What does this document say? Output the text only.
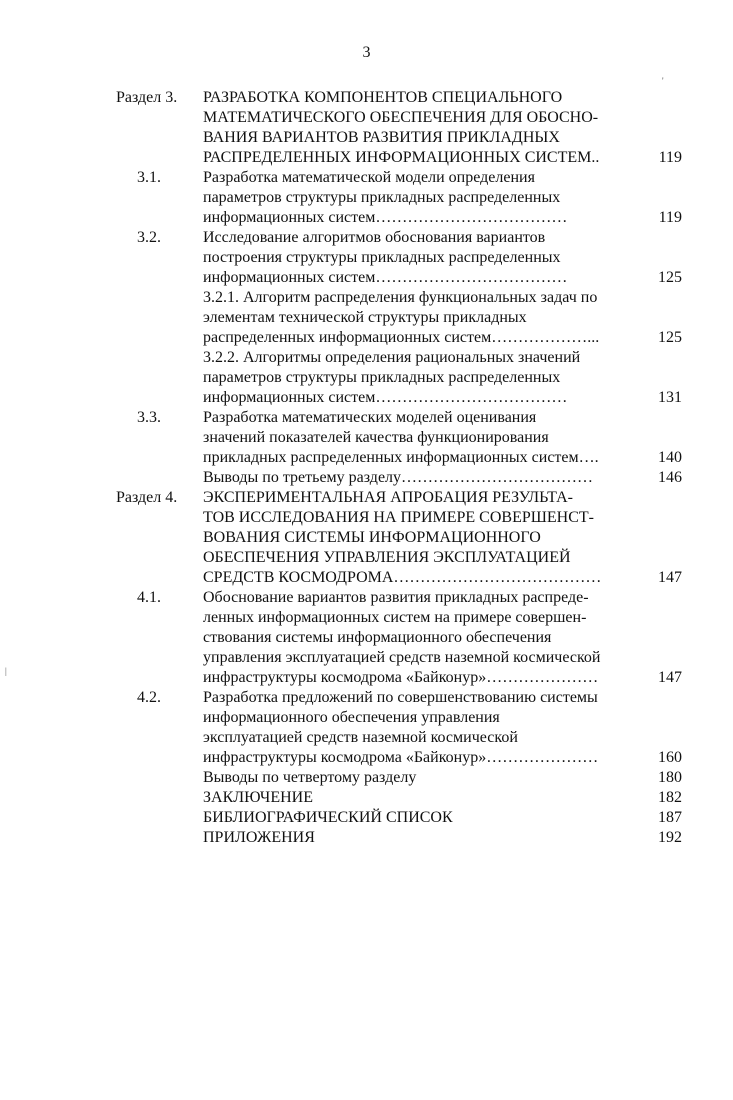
3
Раздел 3. РАЗРАБОТКА КОМПОНЕНТОВ СПЕЦИАЛЬНОГО
МАТЕМАТИЧЕСКОГО ОБЕСПЕЧЕНИЯ ДЛЯ ОБОСНО-
ВАНИЯ ВАРИАНТОВ РАЗВИТИЯ ПРИКЛАДНЫХ
РАСПРЕДЕЛЕННЫХ ИНФОРМАЦИОННЫХ СИСТЕМ..	119
3.1.	Разработка математической модели определения
параметров структуры прикладных распределенных
информационных систем………………………………	119
3.2.	Исследование алгоритмов обоснования вариантов
построения структуры прикладных распределенных
информационных систем………………………………	125
3.2.1. Алгоритм распределения функциональных задач по
элементам технической структуры прикладных
распределенных информационных систем………………...	125
3.2.2. Алгоритмы определения рациональных значений
параметров структуры прикладных распределенных
информационных систем………………………………	131
3.3.	Разработка математических моделей оценивания
значений показателей качества функционирования
прикладных распределенных информационных систем….	140
Выводы по третьему разделу………………………………	146
Раздел 4. ЭКСПЕРИМЕНТАЛЬНАЯ АПРОБАЦИЯ РЕЗУЛЬТА-
ТОВ ИССЛЕДОВАНИЯ НА ПРИМЕРЕ СОВЕРШЕНСТ-
ВОВАНИЯ СИСТЕМЫ ИНФОРМАЦИОННОГО
ОБЕСПЕЧЕНИЯ УПРАВЛЕНИЯ ЭКСПЛУАТАЦИЕЙ
СРЕДСТВ КОСМОДРОМА…………………………………	147
4.1.	Обоснование вариантов развития прикладных распреде-
ленных информационных систем на примере совершен-
ствования системы информационного обеспечения
управления эксплуатацией средств наземной космической
инфраструктуры космодрома «Байконур»…………………	147
4.2.	Разработка предложений по совершенствованию системы
информационного обеспечения управления
эксплуатацией средств наземной космической
инфраструктуры космодрома «Байконур»…………………	160
Выводы по четвертому разделу	180
ЗАКЛЮЧЕНИЕ	182
БИБЛИОГРАФИЧЕСКИЙ СПИСОК	187
ПРИЛОЖЕНИЯ	192
'
|
